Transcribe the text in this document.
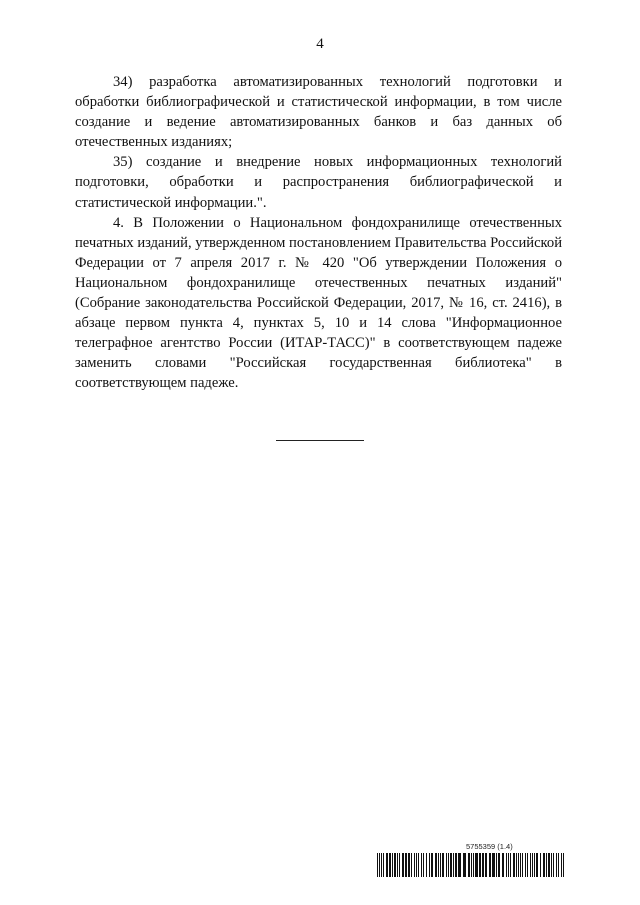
4

34) разработка автоматизированных технологий подготовки и обработки библиографической и статистической информации, в том числе создание и ведение автоматизированных банков и баз данных об отечественных изданиях;

35) создание и внедрение новых информационных технологий подготовки, обработки и распространения библиографической и статистической информации.".

4. В Положении о Национальном фондохранилище отечественных печатных изданий, утвержденном постановлением Правительства Российской Федерации от 7 апреля 2017 г. № 420 "Об утверждении Положения о Национальном фондохранилище отечественных печатных изданий" (Собрание законодательства Российской Федерации, 2017, № 16, ст. 2416), в абзаце первом пункта 4, пунктах 5, 10 и 14 слова "Информационное телеграфное агентство России (ИТАР-ТАСС)" в соответствующем падеже заменить словами "Российская государственная библиотека" в соответствующем падеже.

5755359 (1.4)
